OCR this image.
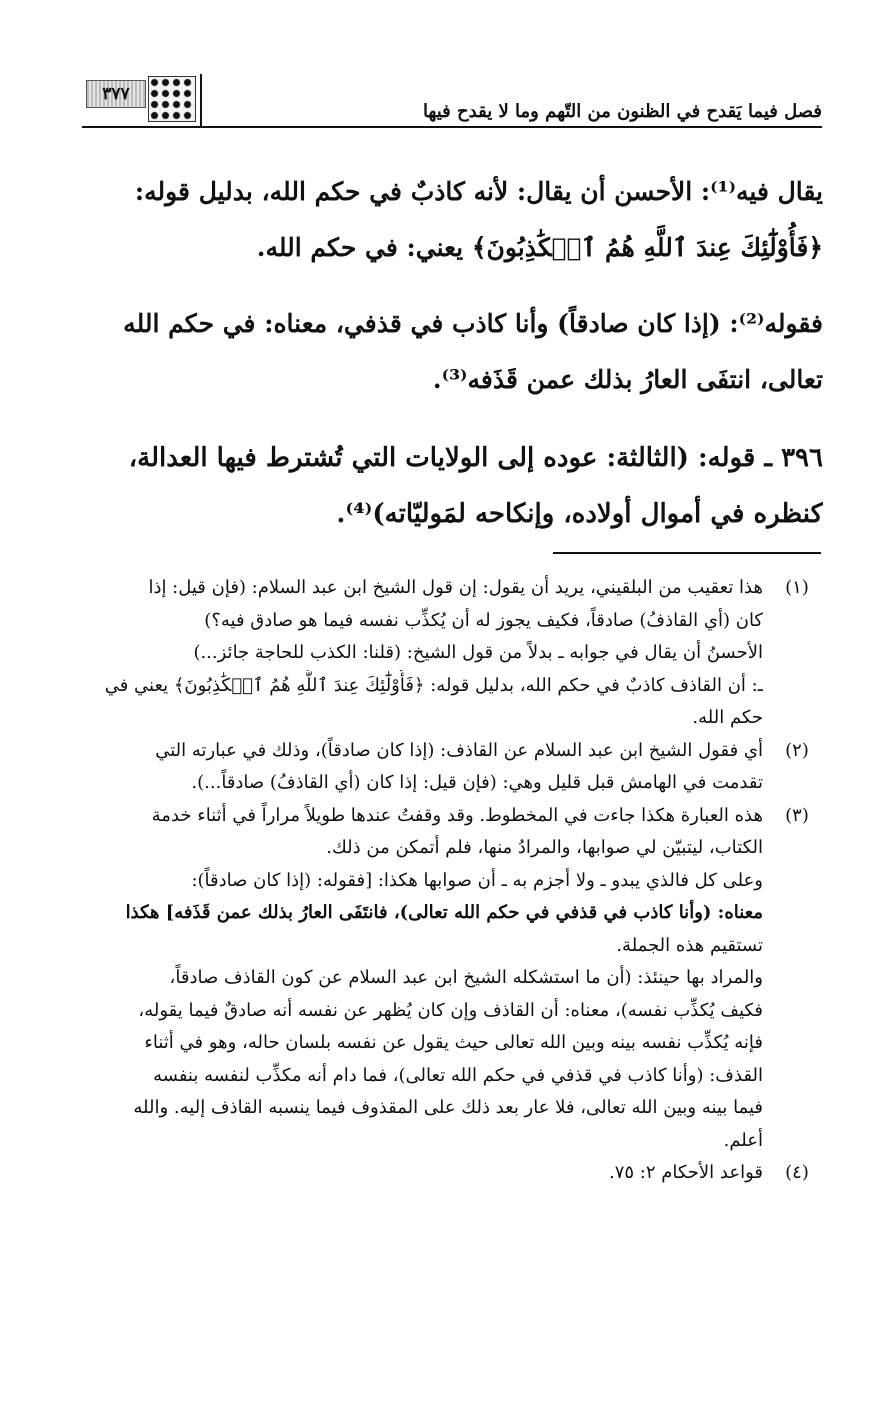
فصل فيما يَقدح في الظنون من التّهم وما لا يقدح فيها
٣٧٧
يقال فيه⁽¹⁾: الأحسن أن يقال: لأنه كاذبٌ في حكم الله، بدليل قوله:
﴿فَأُوْلَٰٓئِكَ عِندَ ٱللَّهِ هُمُ ٱلۡكَٰذِبُونَ﴾ يعني: في حكم الله.
فقوله⁽²⁾: (إذا كان صادقاً) وأنا كاذب في قذفي، معناه: في حكم الله
تعالى، انتفَى العارُ بذلك عمن قَذَفه⁽³⁾.
٣٩٦ ـ قوله: (الثالثة: عوده إلى الولايات التي تُشترط فيها العدالة،
كنظره في أموال أولاده، وإنكاحه لمَوليّاته)⁽⁴⁾.
(١)
هذا تعقيب من البلقيني، يريد أن يقول: إن قول الشيخ ابن عبد السلام: (فإن قيل: إذا
كان (أي القاذفُ) صادقاً، فكيف يجوز له أن يُكذِّب نفسه فيما هو صادق فيه؟)
الأحسنُ أن يقال في جوابه ـ بدلاً من قول الشيخ: (قلنا: الكذب للحاجة جائز...)
ـ: أن القاذف كاذبٌ في حكم الله، بدليل قوله: ﴿فَأُوْلَٰٓئِكَ عِندَ ٱللَّهِ هُمُ ٱلۡكَٰذِبُونَ﴾ يعني في
حكم الله.
(٢)
أي فقول الشيخ ابن عبد السلام عن القاذف: (إذا كان صادقاً)، وذلك في عبارته التي
تقدمت في الهامش قبل قليل وهي: (فإن قيل: إذا كان (أي القاذفُ) صادقاً...).
(٣)
هذه العبارة هكذا جاءت في المخطوط. وقد وقفتُ عندها طويلاً مراراً في أثناء خدمة
الكتاب، ليتبيّن لي صوابها، والمرادُ منها، فلم أتمكن من ذلك.
وعلى كل فالذي يبدو ـ ولا أجزم به ـ أن صوابها هكذا: [فقوله: (إذا كان صادقاً):
معناه: (وأنا كاذب في قذفي في حكم الله تعالى)، فانتَفَى العارُ بذلك عمن قَذَفه] هكذا
تستقيم هذه الجملة.
والمراد بها حينئذ: (أن ما استشكله الشيخ ابن عبد السلام عن كون القاذف صادقاً،
فكيف يُكذِّب نفسه)، معناه: أن القاذف وإن كان يُظهر عن نفسه أنه صادقٌ فيما يقوله،
فإنه يُكذِّب نفسه بينه وبين الله تعالى حيث يقول عن نفسه بلسان حاله، وهو في أثناء
القذف: (وأنا كاذب في قذفي في حكم الله تعالى)، فما دام أنه مكذِّب لنفسه بنفسه
فيما بينه وبين الله تعالى، فلا عار بعد ذلك على المقذوف فيما ينسبه القاذف إليه. والله
أعلم.
(٤)
قواعد الأحكام ٢: ٧٥.
